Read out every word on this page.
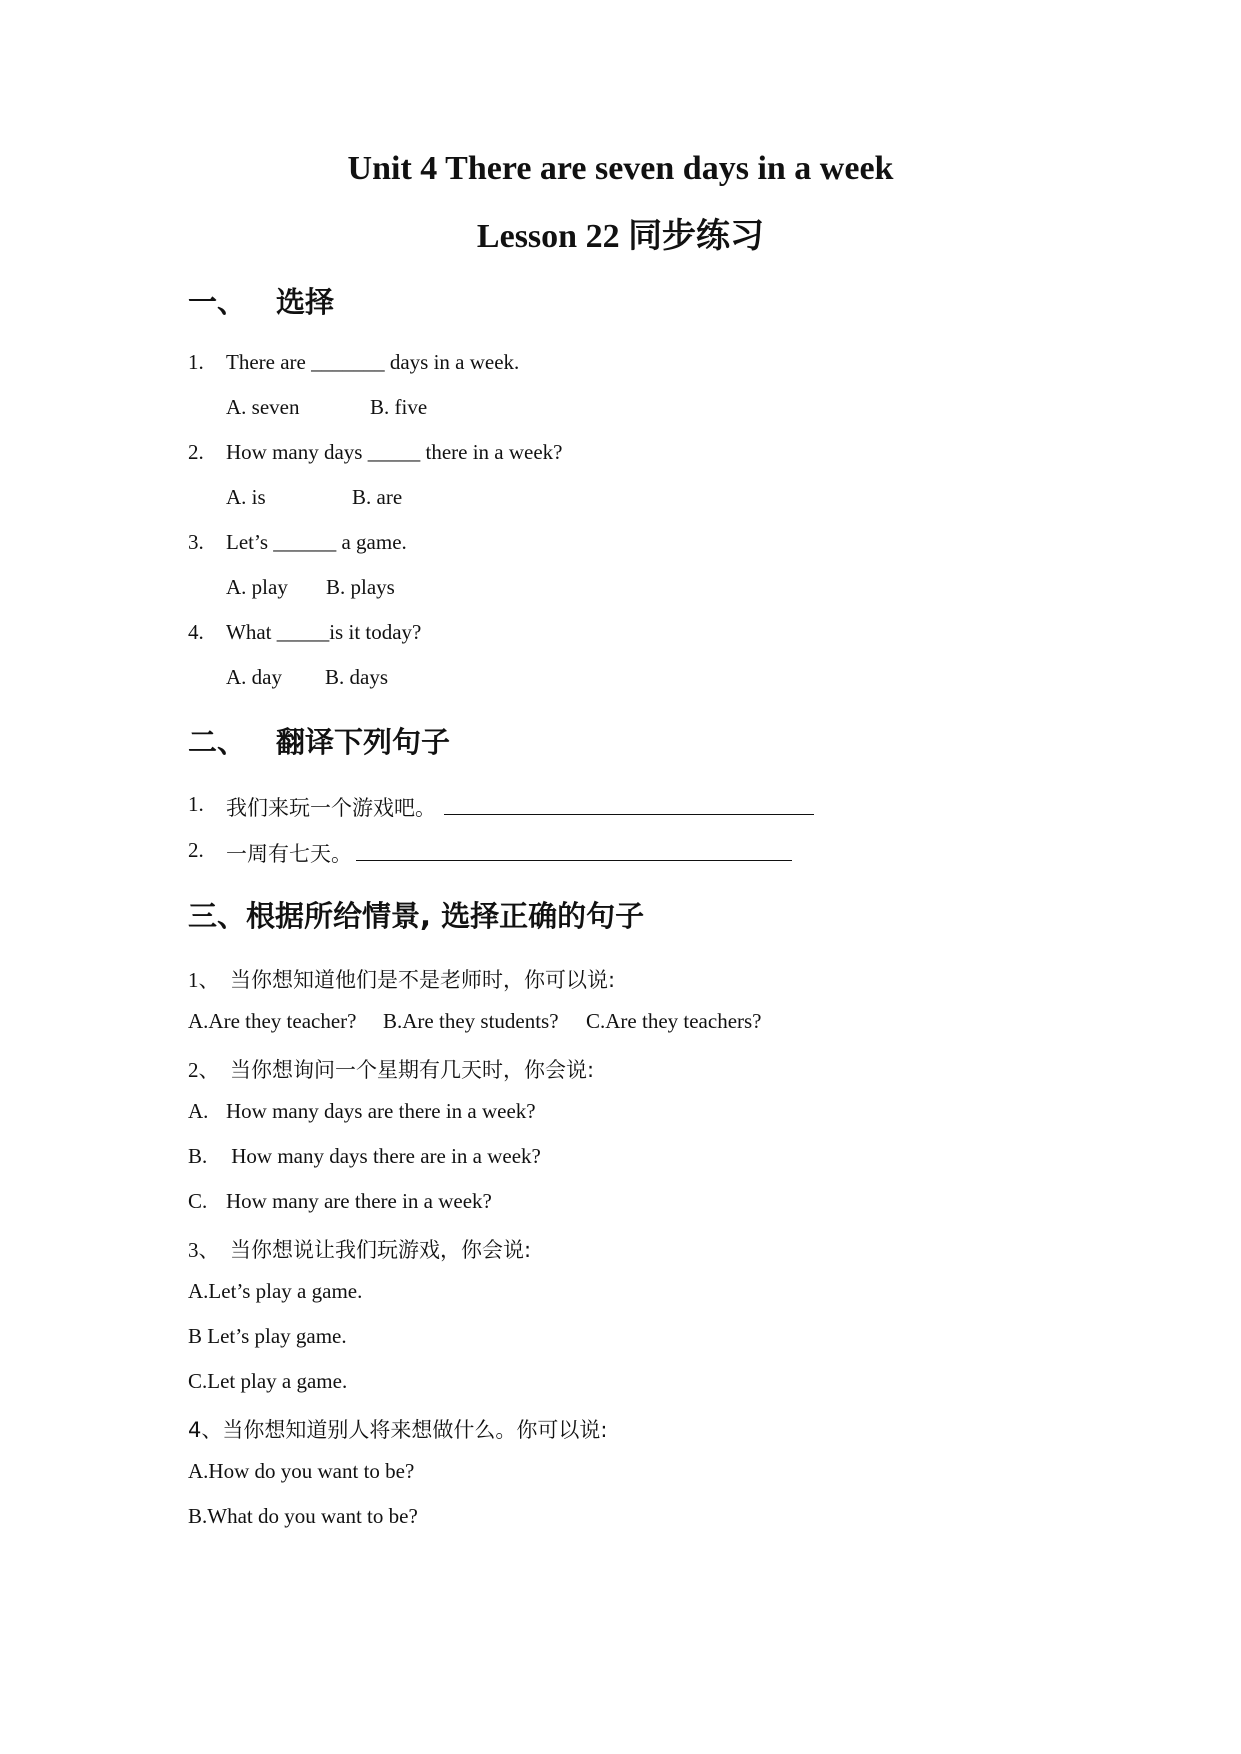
Unit 4 There are seven days in a week
Lesson 22 同步练习
一、 选择
1. There are _______ days in a week.
A. seven	B. five
2. How many days _____ there in a week?
A. is	B. are
3. Let’s ______ a game.
A. play B. plays
4. What _____is it today?
A. day B. days
二、 翻译下列句子
1. 我们来玩一个游戏吧。
2. 一周有七天。
三、根据所给情景, 选择正确的句子
1、 当你想知道他们是不是老师时，你可以说:
A.Are they teacher? B.Are they students? C.Are they teachers?
2、 当你想询问一个星期有几天时，你会说:
A. How many days are there in a week?
B. How many days there are in a week?
C. How many are there in a week?
3、 当你想说让我们玩游戏，你会说:
A.Let’s play a game.
B Let’s play game.
C.Let play a game.
4、当你想知道别人将来想做什么。你可以说:
A.How do you want to be?
B.What do you want to be?
